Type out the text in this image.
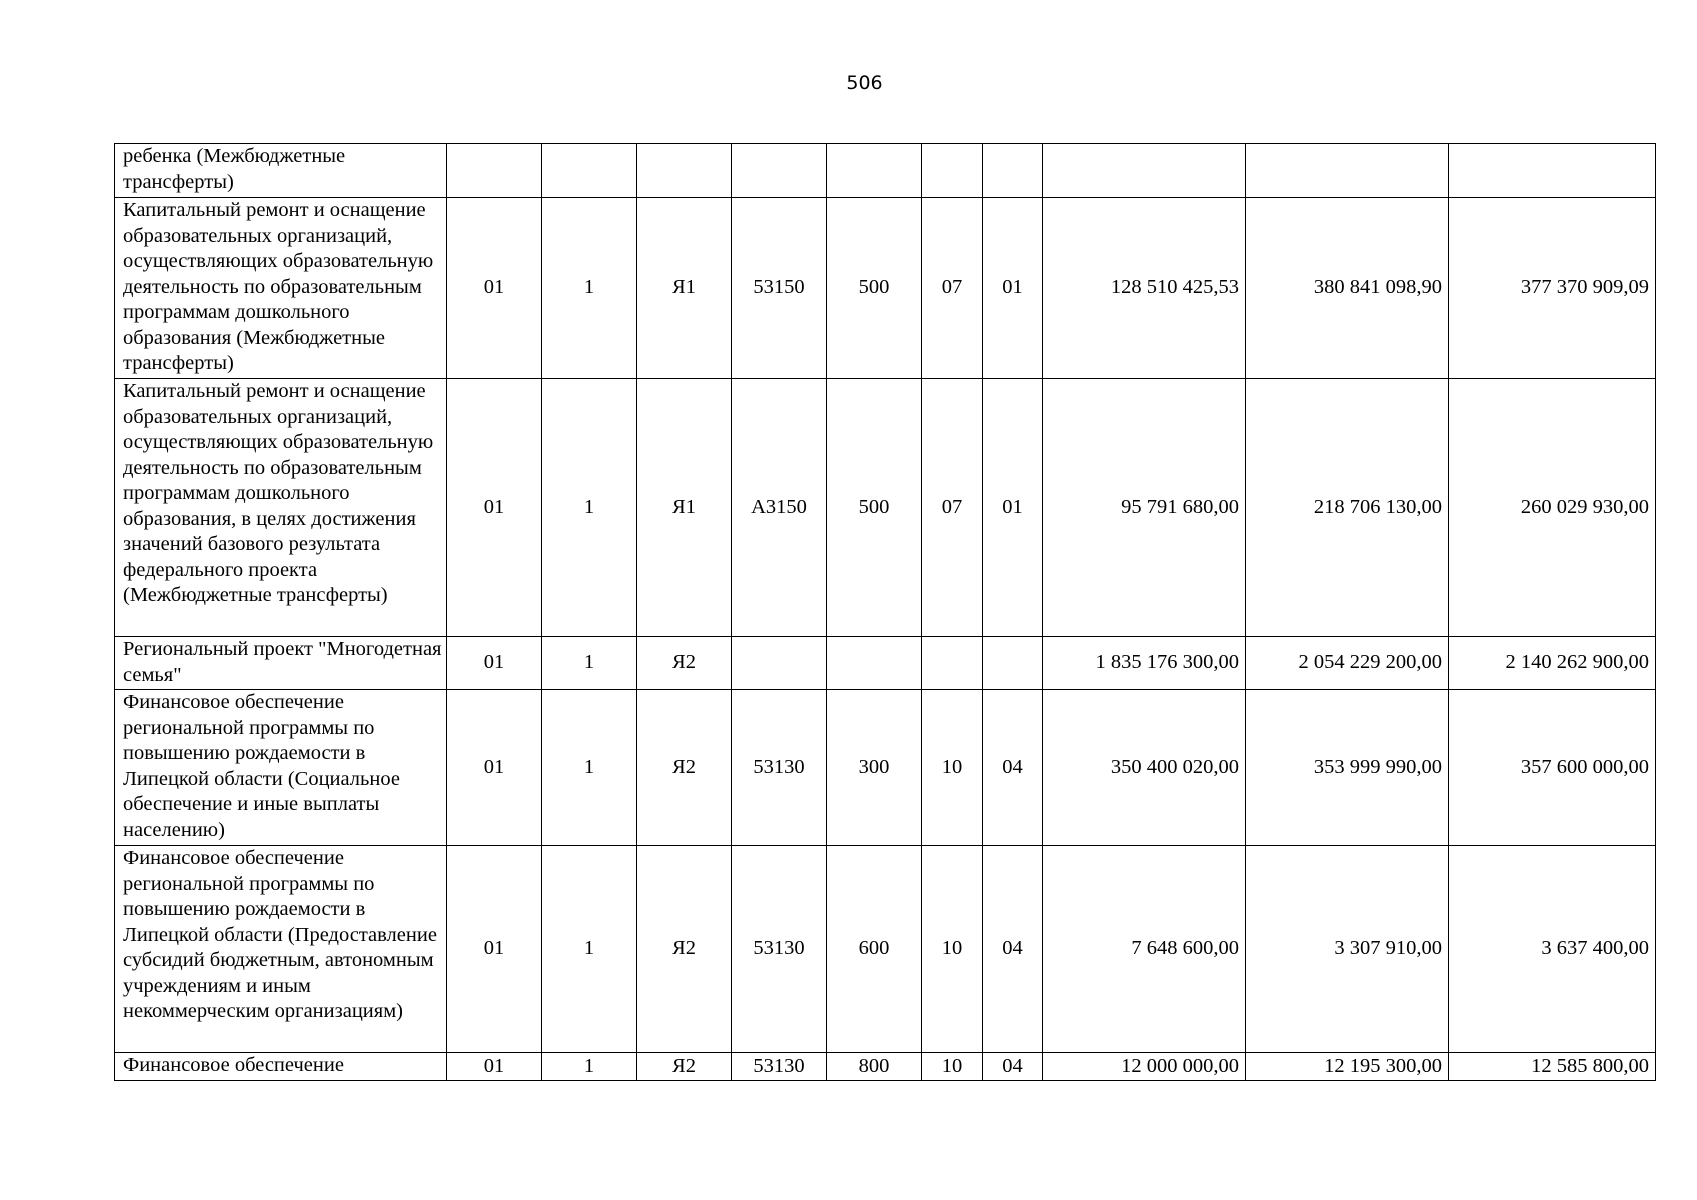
506
ребенка (Межбюджетные трансферты)										
Капитальный ремонт и оснащение образовательных организаций, осуществляющих образовательную деятельность по образовательным программам дошкольного образования (Межбюджетные трансферты)	01	1	Я1	53150	500	07	01	128 510 425,53	380 841 098,90	377 370 909,09
Капитальный ремонт и оснащение образовательных организаций, осуществляющих образовательную деятельность по образовательным программам дошкольного образования, в целях достижения значений базового результата федерального проекта (Межбюджетные трансферты)	01	1	Я1	А3150	500	07	01	95 791 680,00	218 706 130,00	260 029 930,00
Региональный проект "Многодетная семья"	01	1	Я2					1 835 176 300,00	2 054 229 200,00	2 140 262 900,00
Финансовое обеспечение региональной программы по повышению рождаемости в Липецкой области (Социальное обеспечение и иные выплаты населению)	01	1	Я2	53130	300	10	04	350 400 020,00	353 999 990,00	357 600 000,00
Финансовое обеспечение региональной программы по повышению рождаемости в Липецкой области (Предоставление субсидий бюджетным, автономным учреждениям и иным некоммерческим организациям)	01	1	Я2	53130	600	10	04	7 648 600,00	3 307 910,00	3 637 400,00
Финансовое обеспечение	01	1	Я2	53130	800	10	04	12 000 000,00	12 195 300,00	12 585 800,00
